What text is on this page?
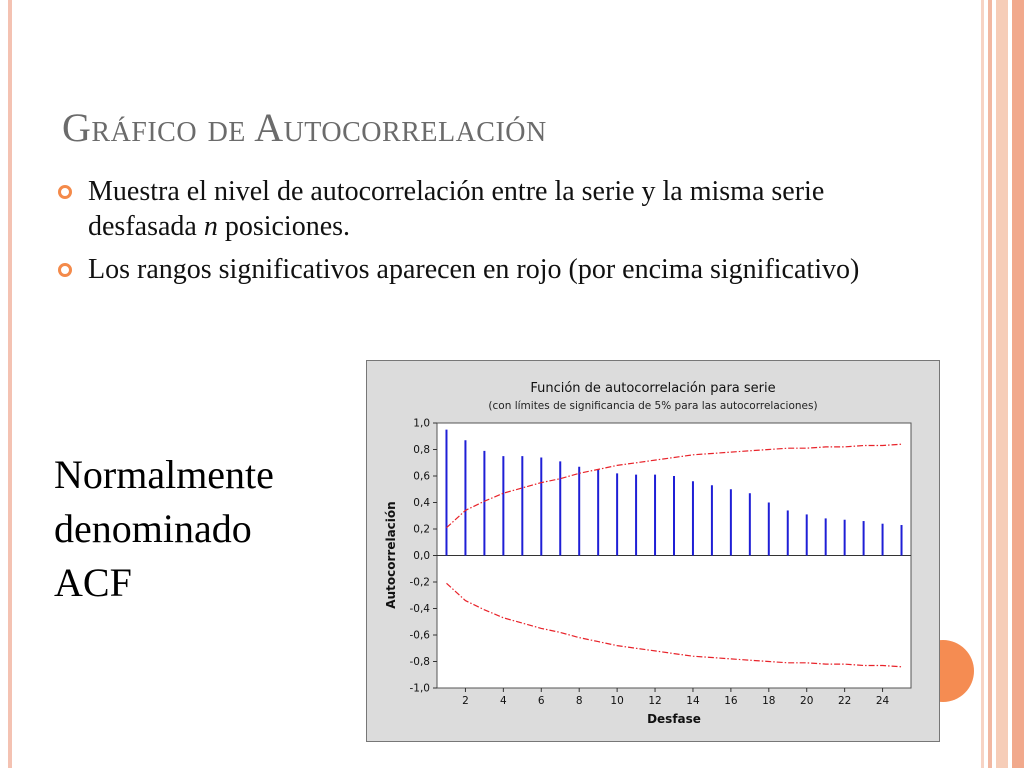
Gráfico de Autocorrelación
Muestra el nivel de autocorrelación entre la serie y la misma serie desfasada n posiciones.
Los rangos significativos aparecen en rojo (por encima significativo)
Normalmente
denominado
ACF
Función de autocorrelación para serie
(con límites de significancia de 5% para las autocorrelaciones)
1,0
0,8
0,6
0,4
0,2
0,0
-0,2
-0,4
-0,6
-0,8
-1,0
2	4	6	8	10 12 14 16 18 20 22 24
Desfase
Autocorrelación
